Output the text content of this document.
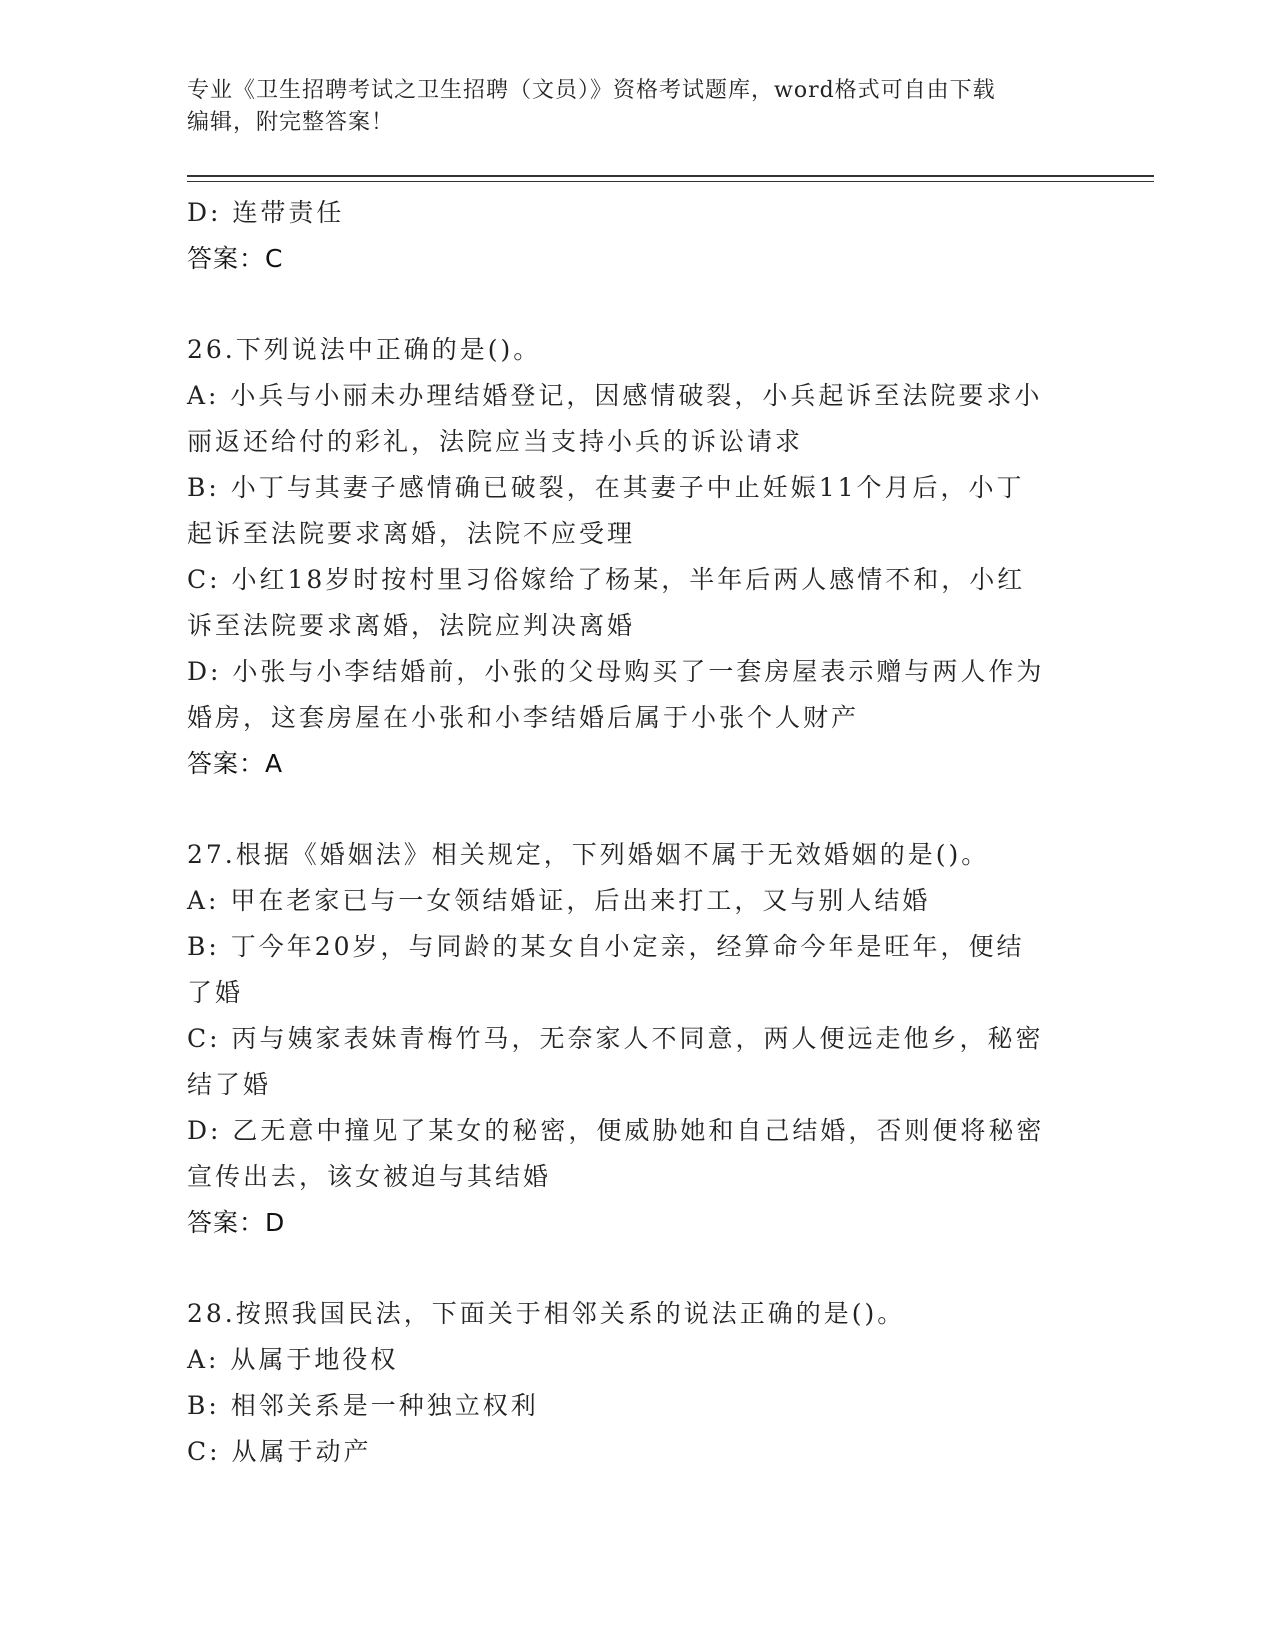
专业《卫生招聘考试之卫生招聘（文员）》资格考试题库，word格式可自由下载
编辑，附完整答案！
D: 连带责任
答案：C
26.下列说法中正确的是()。
A: 小兵与小丽未办理结婚登记，因感情破裂，小兵起诉至法院要求小
丽返还给付的彩礼，法院应当支持小兵的诉讼请求
B: 小丁与其妻子感情确已破裂，在其妻子中止妊娠11个月后，小丁
起诉至法院要求离婚，法院不应受理
C: 小红18岁时按村里习俗嫁给了杨某，半年后两人感情不和，小红
诉至法院要求离婚，法院应判决离婚
D: 小张与小李结婚前，小张的父母购买了一套房屋表示赠与两人作为
婚房，这套房屋在小张和小李结婚后属于小张个人财产
答案：A
27.根据《婚姻法》相关规定，下列婚姻不属于无效婚姻的是()。
A: 甲在老家已与一女领结婚证，后出来打工，又与别人结婚
B: 丁今年20岁，与同龄的某女自小定亲，经算命今年是旺年，便结
了婚
C: 丙与姨家表妹青梅竹马，无奈家人不同意，两人便远走他乡，秘密
结了婚
D: 乙无意中撞见了某女的秘密，便威胁她和自己结婚，否则便将秘密
宣传出去，该女被迫与其结婚
答案：D
28.按照我国民法，下面关于相邻关系的说法正确的是()。
A: 从属于地役权
B: 相邻关系是一种独立权利
C: 从属于动产
